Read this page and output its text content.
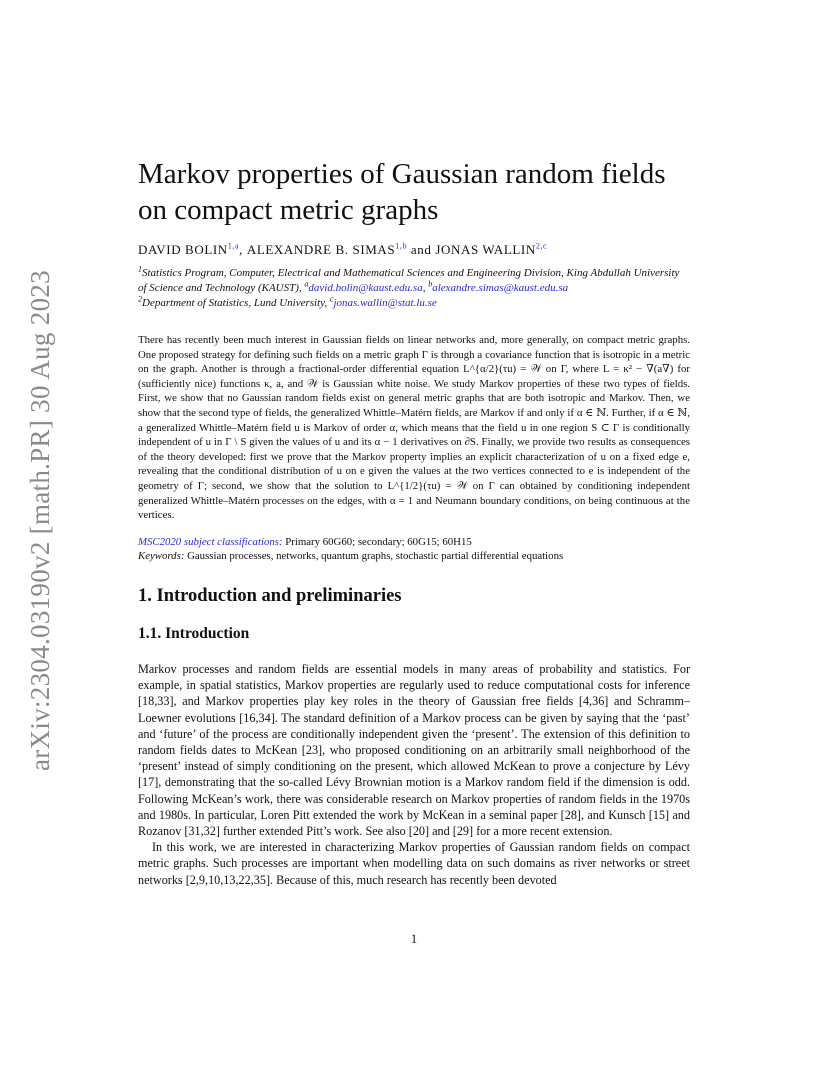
arXiv:2304.03190v2 [math.PR] 30 Aug 2023
Markov properties of Gaussian random fields on compact metric graphs
DAVID BOLIN$^{1,a}$, ALEXANDRE B. SIMAS$^{1,b}$ and JONAS WALLIN$^{2,c}$
$^1$Statistics Program, Computer, Electrical and Mathematical Sciences and Engineering Division, King Abdullah University of Science and Technology (KAUST), $^a$david.bolin@kaust.edu.sa, $^b$alexandre.simas@kaust.edu.sa
$^2$Department of Statistics, Lund University, $^c$jonas.wallin@stat.lu.se

There has recently been much interest in Gaussian fields on linear networks and, more generally, on compact metric graphs. One proposed strategy for defining such fields on a metric graph Γ is through a covariance function that is isotropic in a metric on the graph. Another is through a fractional-order differential equation L^{α/2}(τu) = 𝒲 on Γ, where L = κ² − ∇(a∇) for (sufficiently nice) functions κ, a, and 𝒲 is Gaussian white noise. We study Markov properties of these two types of fields. First, we show that no Gaussian random fields exist on general metric graphs that are both isotropic and Markov. Then, we show that the second type of fields, the generalized Whittle–Matérn fields, are Markov if and only if α ∈ ℕ. Further, if α ∈ ℕ, a generalized Whittle–Matérn field u is Markov of order α, which means that the field u in one region S ⊂ Γ is conditionally independent of u in Γ \ S given the values of u and its α − 1 derivatives on ∂S. Finally, we provide two results as consequences of the theory developed: first we prove that the Markov property implies an explicit characterization of u on a fixed edge e, revealing that the conditional distribution of u on e given the values at the two vertices connected to e is independent of the geometry of Γ; second, we show that the solution to L^{1/2}(τu) = 𝒲 on Γ can obtained by conditioning independent generalized Whittle–Matérn processes on the edges, with α = 1 and Neumann boundary conditions, on being continuous at the vertices.

MSC2020 subject classifications: Primary 60G60; secondary; 60G15; 60H15
Keywords: Gaussian processes, networks, quantum graphs, stochastic partial differential equations
1. Introduction and preliminaries
1.1. Introduction

Markov processes and random fields are essential models in many areas of probability and statistics. For example, in spatial statistics, Markov properties are regularly used to reduce computational costs for inference [18,33], and Markov properties play key roles in the theory of Gaussian free fields [4,36] and Schramm–Loewner evolutions [16,34]. The standard definition of a Markov process can be given by saying that the ‘past’ and ‘future’ of the process are conditionally independent given the ‘present’. The extension of this definition to random fields dates to McKean [23], who proposed conditioning on an arbitrarily small neighborhood of the ‘present’ instead of simply conditioning on the present, which allowed McKean to prove a conjecture by Lévy [17], demonstrating that the so-called Lévy Brownian motion is a Markov random field if the dimension is odd. Following McKean’s work, there was considerable research on Markov properties of random fields in the 1970s and 1980s. In particular, Loren Pitt extended the work by McKean in a seminal paper [28], and Kunsch [15] and Rozanov [31,32] further extended Pitt’s work. See also [20] and [29] for a more recent extension.

In this work, we are interested in characterizing Markov properties of Gaussian random fields on compact metric graphs. Such processes are important when modelling data on such domains as river networks or street networks [2,9,10,13,22,35]. Because of this, much research has recently been devoted

1
